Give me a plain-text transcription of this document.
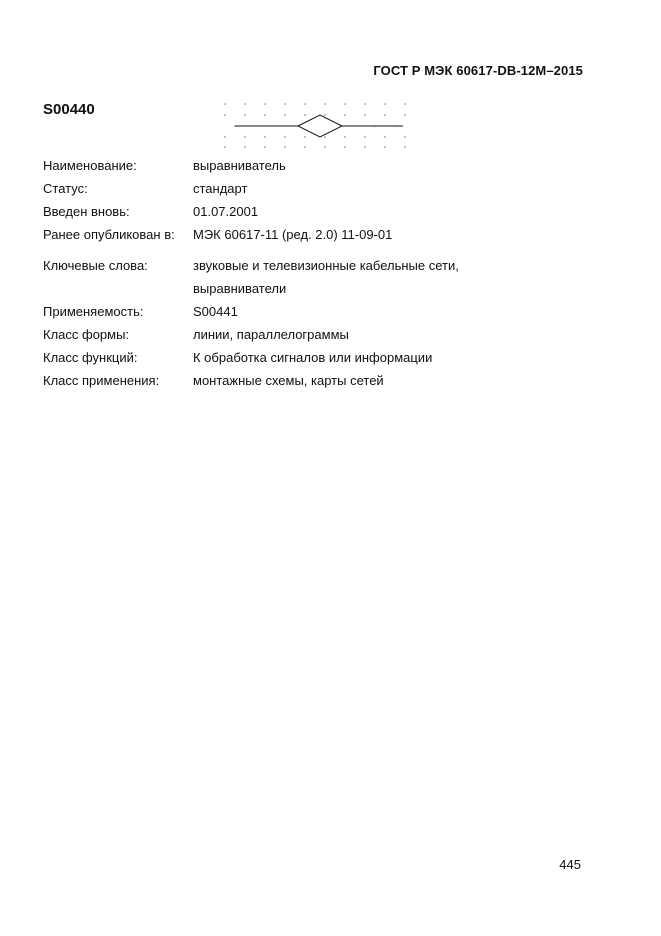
ГОСТ Р МЭК 60617-DB-12М–2015
S00440
Наименование:	выравниватель
Статус:	стандарт
Введен вновь:	01.07.2001
Ранее опубликован в:	МЭК 60617-11 (ред. 2.0) 11-09-01
Ключевые слова:	звуковые и телевизионные кабельные сети,
выравниватели
Применяемость:	S00441
Класс формы:	линии, параллелограммы
Класс функций:	К обработка сигналов или информации
Класс применения:	монтажные схемы, карты сетей
445
